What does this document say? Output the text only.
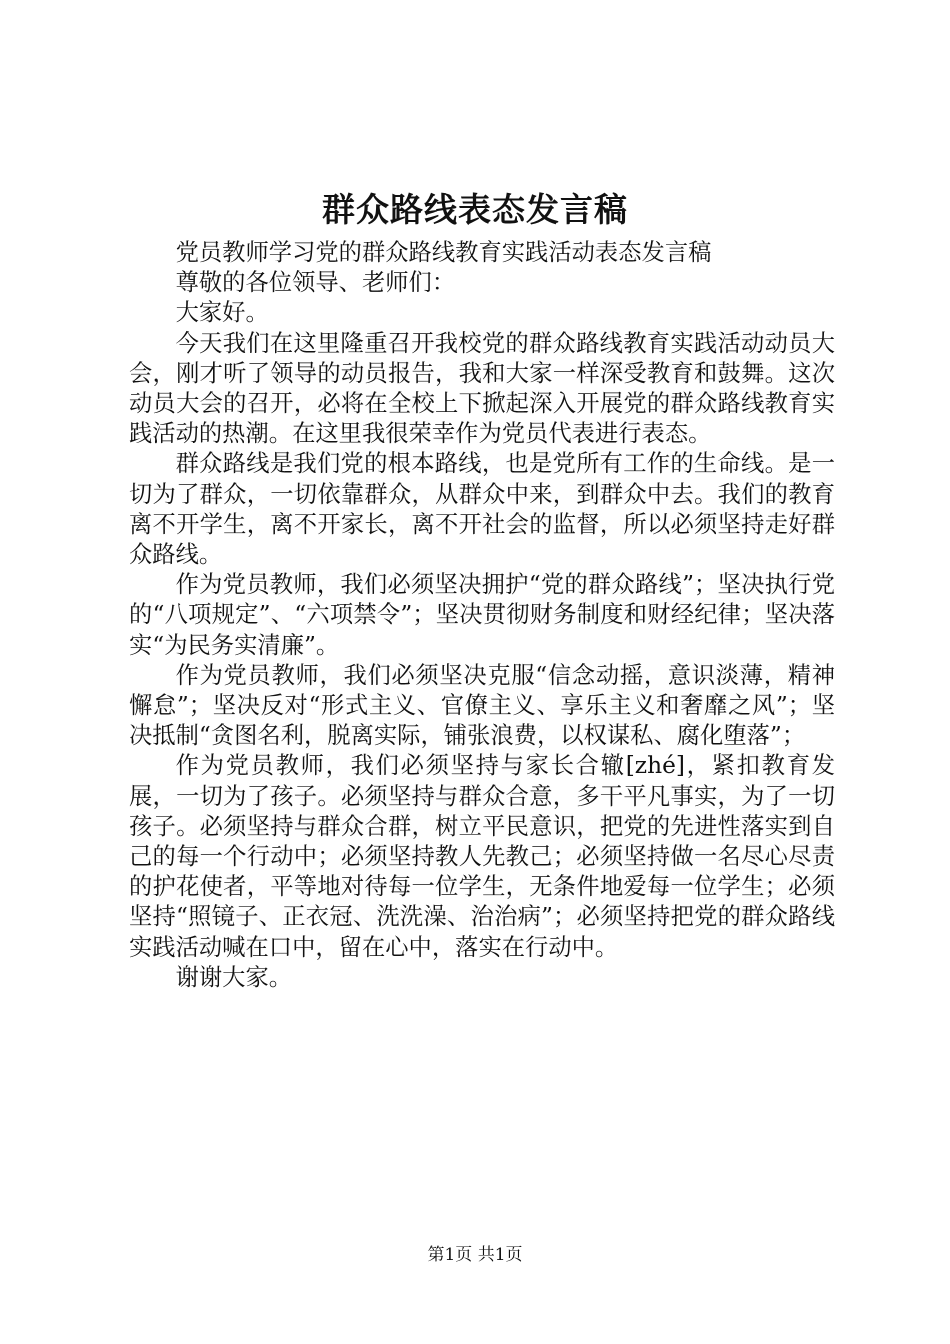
群众路线表态发言稿

党员教师学习党的群众路线教育实践活动表态发言稿

尊敬的各位领导、老师们：

大家好。

今天我们在这里隆重召开我校党的群众路线教育实践活动动员大会，刚才听了领导的动员报告，我和大家一样深受教育和鼓舞。这次动员大会的召开，必将在全校上下掀起深入开展党的群众路线教育实践活动的热潮。在这里我很荣幸作为党员代表进行表态。

群众路线是我们党的根本路线，也是党所有工作的生命线。是一切为了群众，一切依靠群众，从群众中来，到群众中去。我们的教育离不开学生，离不开家长，离不开社会的监督，所以必须坚持走好群众路线。

作为党员教师，我们必须坚决拥护“党的群众路线”；坚决执行党的“八项规定”、“六项禁令”；坚决贯彻财务制度和财经纪律；坚决落实“为民务实清廉”。

作为党员教师，我们必须坚决克服“信念动摇，意识淡薄，精神懈怠”；坚决反对“形式主义、官僚主义、享乐主义和奢靡之风”；坚决抵制“贪图名利，脱离实际，铺张浪费，以权谋私、腐化堕落”；

作为党员教师，我们必须坚持与家长合辙[zhé]，紧扣教育发展，一切为了孩子。必须坚持与群众合意，多干平凡事实，为了一切孩子。必须坚持与群众合群，树立平民意识，把党的先进性落实到自己的每一个行动中；必须坚持教人先教己；必须坚持做一名尽心尽责的护花使者，平等地对待每一位学生，无条件地爱每一位学生；必须坚持“照镜子、正衣冠、洗洗澡、治治病”；必须坚持把党的群众路线实践活动喊在口中，留在心中，落实在行动中。

谢谢大家。

第1页 共1页
